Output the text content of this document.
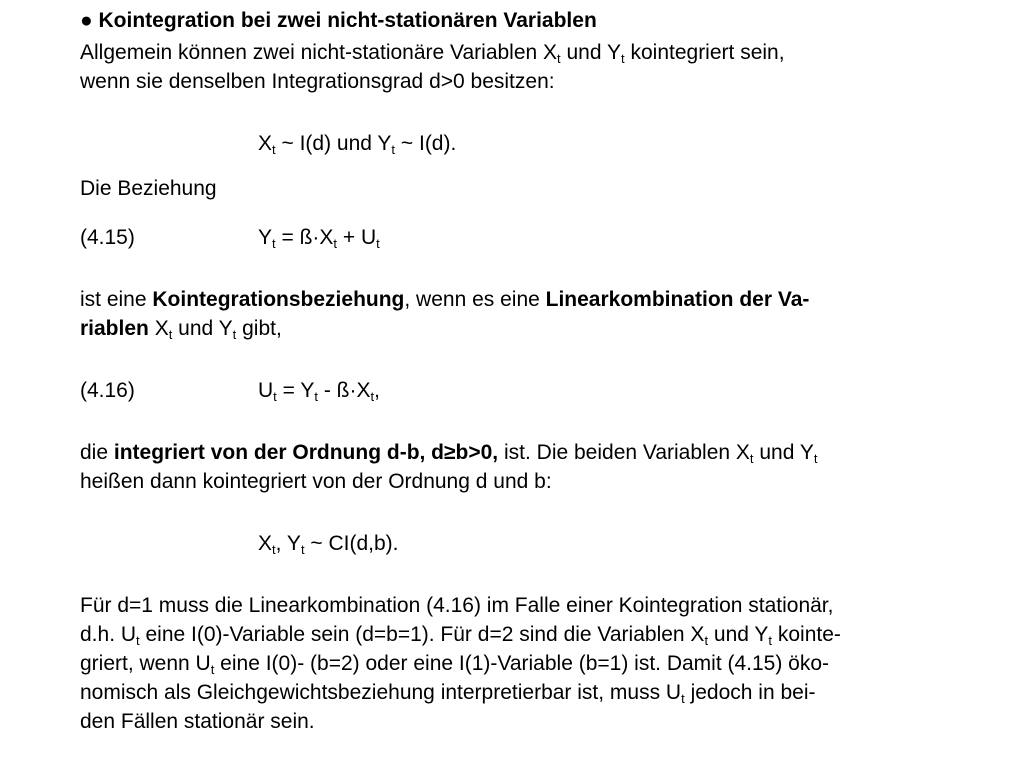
● Kointegration bei zwei nicht-stationären Variablen
Allgemein können zwei nicht-stationäre Variablen $X_t$ und $Y_t$ kointegriert sein,
wenn sie denselben Integrationsgrad d>0 besitzen:
$X_t$ ~ I(d) und $Y_t$ ~ I(d).
Die Beziehung
(4.15)	$Y_t$ = $ß\cdot X_t + U_t$
ist eine Kointegrationsbeziehung, wenn es eine Linearkombination der Va-
riablen $X_t$ und $Y_t$ gibt,
(4.16)	$U_t = Y_t$ - $ß\cdot X_t$,
die integriert von der Ordnung d-b, d≥b>0, ist. Die beiden Variablen $X_t$ und $Y_t$
heißen dann kointegriert von der Ordnung d und b:
$X_t$, $Y_t$ ~ CI(d,b).
Für d=1 muss die Linearkombination (4.16) im Falle einer Kointegration stationär,
d.h. $U_t$ eine I(0)-Variable sein (d=b=1). Für d=2 sind die Variablen $X_t$ und $Y_t$ kointe-
griert, wenn $U_t$ eine I(0)- (b=2) oder eine I(1)-Variable (b=1) ist. Damit (4.15) öko-
nomisch als Gleichgewichtsbeziehung interpretierbar ist, muss $U_t$ jedoch in bei-
den Fällen stationär sein.
